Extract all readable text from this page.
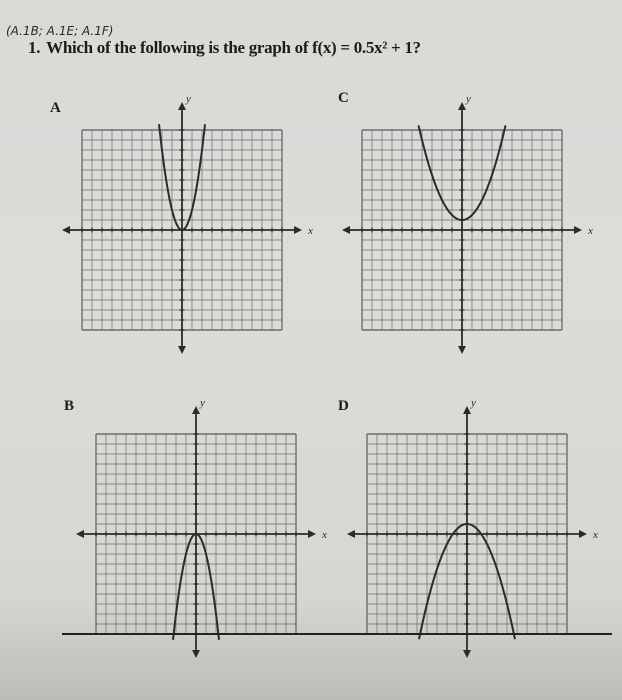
(A.1B; A.1E; A.1F)
1. Which of the following is the graph of f(x) = 0.5x² + 1?
A
x
y	C
x
y
B
x
y	D
x
y
